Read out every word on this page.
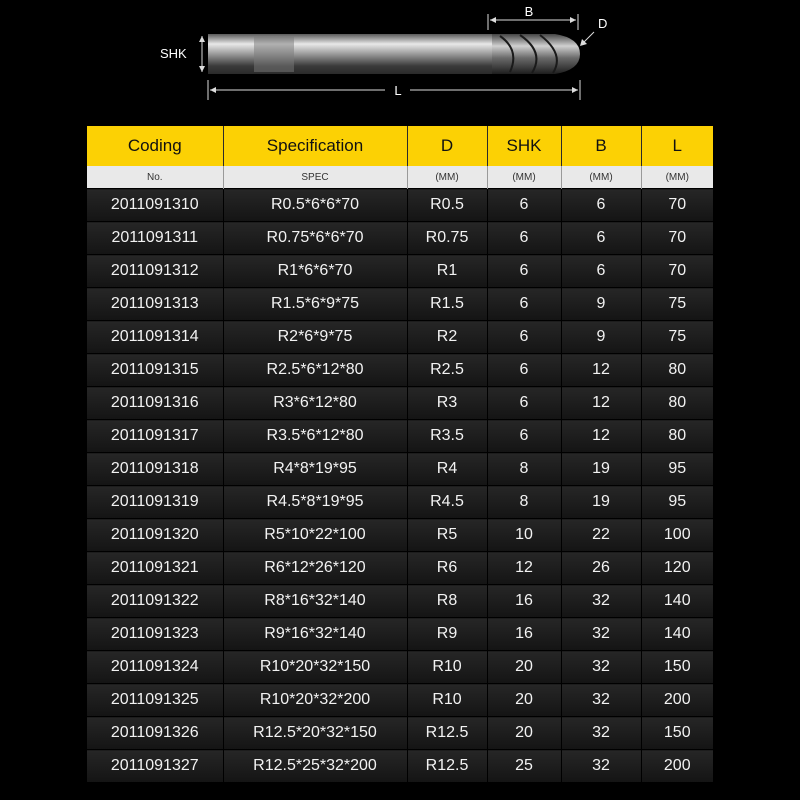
B
D
SHK
L
Coding	Specification	D	SHK	B	L
No.	SPEC	(MM)	(MM)	(MM)	(MM)
2011091310	R0.5*6*6*70	R0.5	6	6	70
2011091311	R0.75*6*6*70	R0.75	6	6	70
2011091312	R1*6*6*70	R1	6	6	70
2011091313	R1.5*6*9*75	R1.5	6	9	75
2011091314	R2*6*9*75	R2	6	9	75
2011091315	R2.5*6*12*80	R2.5	6	12	80
2011091316	R3*6*12*80	R3	6	12	80
2011091317	R3.5*6*12*80	R3.5	6	12	80
2011091318	R4*8*19*95	R4	8	19	95
2011091319	R4.5*8*19*95	R4.5	8	19	95
2011091320	R5*10*22*100	R5	10	22	100
2011091321	R6*12*26*120	R6	12	26	120
2011091322	R8*16*32*140	R8	16	32	140
2011091323	R9*16*32*140	R9	16	32	140
2011091324	R10*20*32*150	R10	20	32	150
2011091325	R10*20*32*200	R10	20	32	200
2011091326	R12.5*20*32*150	R12.5	20	32	150
2011091327	R12.5*25*32*200	R12.5	25	32	200
